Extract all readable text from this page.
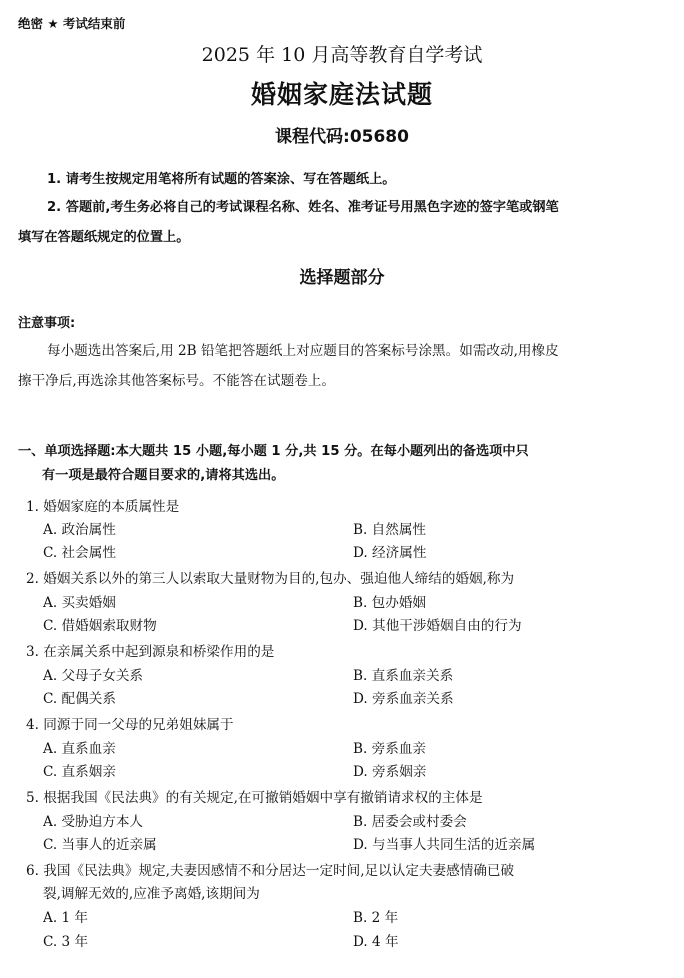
绝密 ★ 考试结束前
2025 年 10 月高等教育自学考试
婚姻家庭法试题
课程代码:05680
1. 请考生按规定用笔将所有试题的答案涂、写在答题纸上。
2. 答题前,考生务必将自己的考试课程名称、姓名、准考证号用黑色字迹的签字笔或钢笔
填写在答题纸规定的位置上。
选择题部分
注意事项:
每小题选出答案后,用 2B 铅笔把答题纸上对应题目的答案标号涂黑。如需改动,用橡皮
擦干净后,再选涂其他答案标号。不能答在试题卷上。
一、单项选择题:本大题共 15 小题,每小题 1 分,共 15 分。在每小题列出的备选项中只
有一项是最符合题目要求的,请将其选出。
1. 婚姻家庭的本质属性是
A. 政治属性	B. 自然属性
C. 社会属性	D. 经济属性
2. 婚姻关系以外的第三人以索取大量财物为目的,包办、强迫他人缔结的婚姻,称为
A. 买卖婚姻	B. 包办婚姻
C. 借婚姻索取财物	D. 其他干涉婚姻自由的行为
3. 在亲属关系中起到源泉和桥梁作用的是
A. 父母子女关系	B. 直系血亲关系
C. 配偶关系	D. 旁系血亲关系
4. 同源于同一父母的兄弟姐妹属于
A. 直系血亲	B. 旁系血亲
C. 直系姻亲	D. 旁系姻亲
5. 根据我国《民法典》的有关规定,在可撤销婚姻中享有撤销请求权的主体是
A. 受胁迫方本人	B. 居委会或村委会
C. 当事人的近亲属	D. 与当事人共同生活的近亲属
6. 我国《民法典》规定,夫妻因感情不和分居达一定时间,足以认定夫妻感情确已破
裂,调解无效的,应准予离婚,该期间为
A. 1 年	B. 2 年
C. 3 年	D. 4 年
